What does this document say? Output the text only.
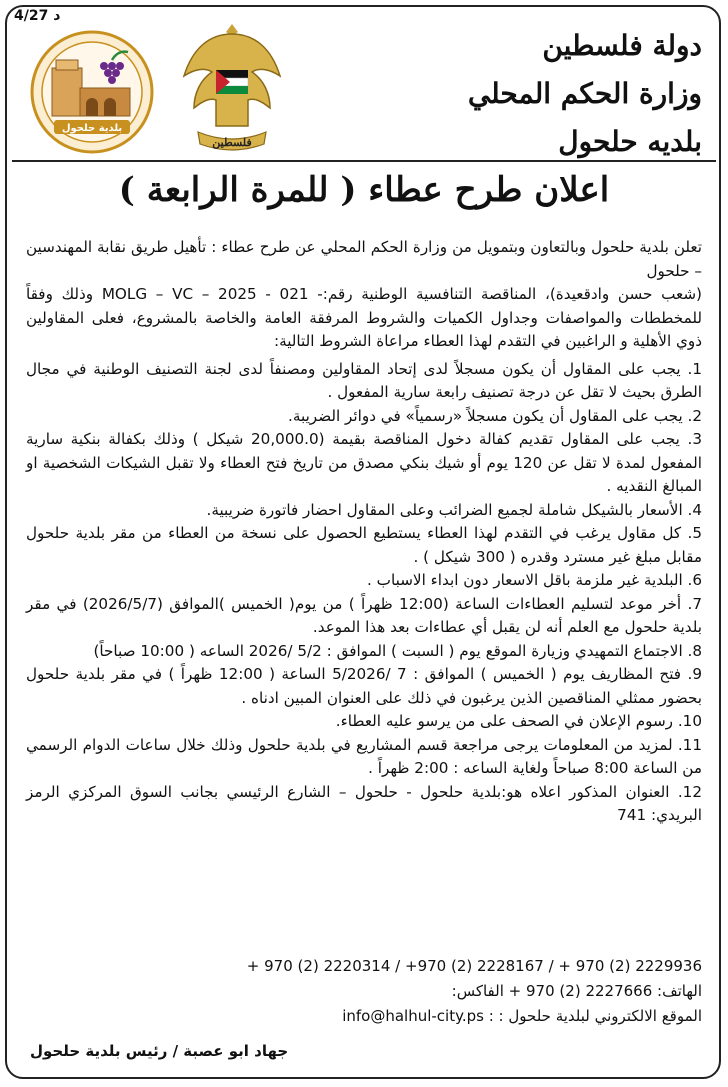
4/27 د
بلدية حلحول
فلسطين
دولة فلسطين
وزارة الحكم المحلي
بلديه حلحول
اعلان طرح عطاء ( للمرة الرابعة )

تعلن بلدية حلحول وبالتعاون وبتمويل من وزارة الحكم المحلي عن طرح عطاء : تأهيل طريق نقابة المهندسين – حلحول

(شعب حسن وادقعيدة)، المناقصة التنافسية الوطنية رقم:- MOLG – VC – 2025 - 021 وذلك وفقاً للمخططات والمواصفات وجداول الكميات والشروط المرفقة العامة والخاصة بالمشروع، فعلى المقاولين ذوي الأهلية و الراغبين في التقدم لهذا العطاء مراعاة الشروط التالية:

1. يجب على المقاول أن يكون مسجلاً لدى إتحاد المقاولين ومصنفاً لدى لجنة التصنيف الوطنية في مجال الطرق بحيث لا تقل عن درجة تصنيف رابعة سارية المفعول .

2. يجب على المقاول أن يكون مسجلاً «رسمياً» في دوائر الضريبة.

3. يجب على المقاول تقديم كفالة دخول المناقصة بقيمة (20,000.0 شيكل ) وذلك بكفالة بنكية سارية المفعول لمدة لا تقل عن 120 يوم أو شيك بنكي مصدق من تاريخ فتح العطاء ولا تقبل الشيكات الشخصية او المبالغ النقديه .

4. الأسعار بالشيكل شاملة لجميع الضرائب وعلى المقاول احضار فاتورة ضريبية.

5. كل مقاول يرغب في التقدم لهذا العطاء يستطيع الحصول على نسخة من العطاء من مقر بلدية حلحول مقابل مبلغ غير مسترد وقدره ( 300 شيكل ) .

6. البلدية غير ملزمة باقل الاسعار دون ابداء الاسباب .

7. أخر موعد لتسليم العطاءات الساعة (12:00 ظهراً ) من يوم( الخميس )الموافق (2026/5/7) في مقر بلدية حلحول مع العلم أنه لن يقبل أي عطاءات بعد هذا الموعد.

8. الاجتماع التمهيدي وزيارة الموقع يوم ( السبت ) الموافق : 5/2 /2026 الساعه ( 10:00 صباحاً)

9. فتح المظاريف يوم ( الخميس ) الموافق : 7 /5/2026 الساعة ( 12:00 ظهراً ) في مقر بلدية حلحول بحضور ممثلي المناقصين الذين يرغبون في ذلك على العنوان المبين ادناه .

10. رسوم الإعلان في الصحف على من يرسو عليه العطاء.

11. لمزيد من المعلومات يرجى مراجعة قسم المشاريع في بلدية حلحول وذلك خلال ساعات الدوام الرسمي من الساعة 8:00 صباحاً ولغاية الساعه : 2:00 ظهراً .

12. العنوان المذكور اعلاه هو:بلدية حلحول - حلحول – الشارع الرئيسي بجانب السوق المركزي الرمز البريدي: 741

2229936 (2) 970 + / 2228167 (2) 970+ / 2220314 (2) 970 +
الهاتف: 2227666 (2) 970 + الفاكس:
الموقع الالكتروني لبلدية حلحول : : info@halhul-city.ps
جهاد ابو عصبة / رئيس بلدية حلحول
